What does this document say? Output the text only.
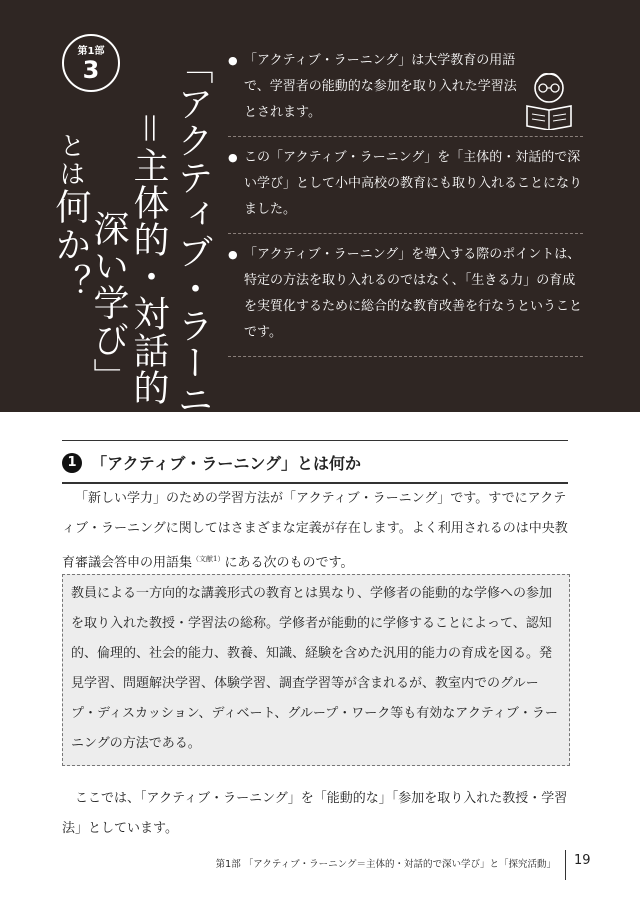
第1部
3	「アクティブ・ラーニング
＝主体的・対話的で
深い学び」
とは何か？
● 「アクティブ・ラーニング」は大学教育の用語で、学習者の能動的な参加を取り入れた学習法とされます。
● この「アクティブ・ラーニング」を「主体的・対話的で深い学び」として小中高校の教育にも取り入れることになりました。
● 「アクティブ・ラーニング」を導入する際のポイントは、特定の方法を取り入れるのではなく、「生きる力」の育成を実質化するために総合的な教育改善を行なうということです。
1 「アクティブ・ラーニング」とは何か
「新しい学力」のための学習方法が「アクティブ・ラーニング」です。すでにアクティブ・ラーニングに関してはさまざまな定義が存在します。よく利用されるのは中央教育審議会答申の用語集$^{(文献1)}$にある次のものです。
教員による一方向的な講義形式の教育とは異なり、学修者の能動的な学修への参加を取り入れた教授・学習法の総称。学修者が能動的に学修することによって、認知的、倫理的、社会的能力、教養、知識、経験を含めた汎用的能力の育成を図る。発見学習、問題解決学習、体験学習、調査学習等が含まれるが、教室内でのグループ・ディスカッション、ディベート、グループ・ワーク等も有効なアクティブ・ラーニングの方法である。
ここでは、「アクティブ・ラーニング」を「能動的な」「参加を取り入れた教授・学習法」としています。
第1部 「アクティブ・ラーニング＝主体的・対話的で深い学び」と「探究活動」 19
